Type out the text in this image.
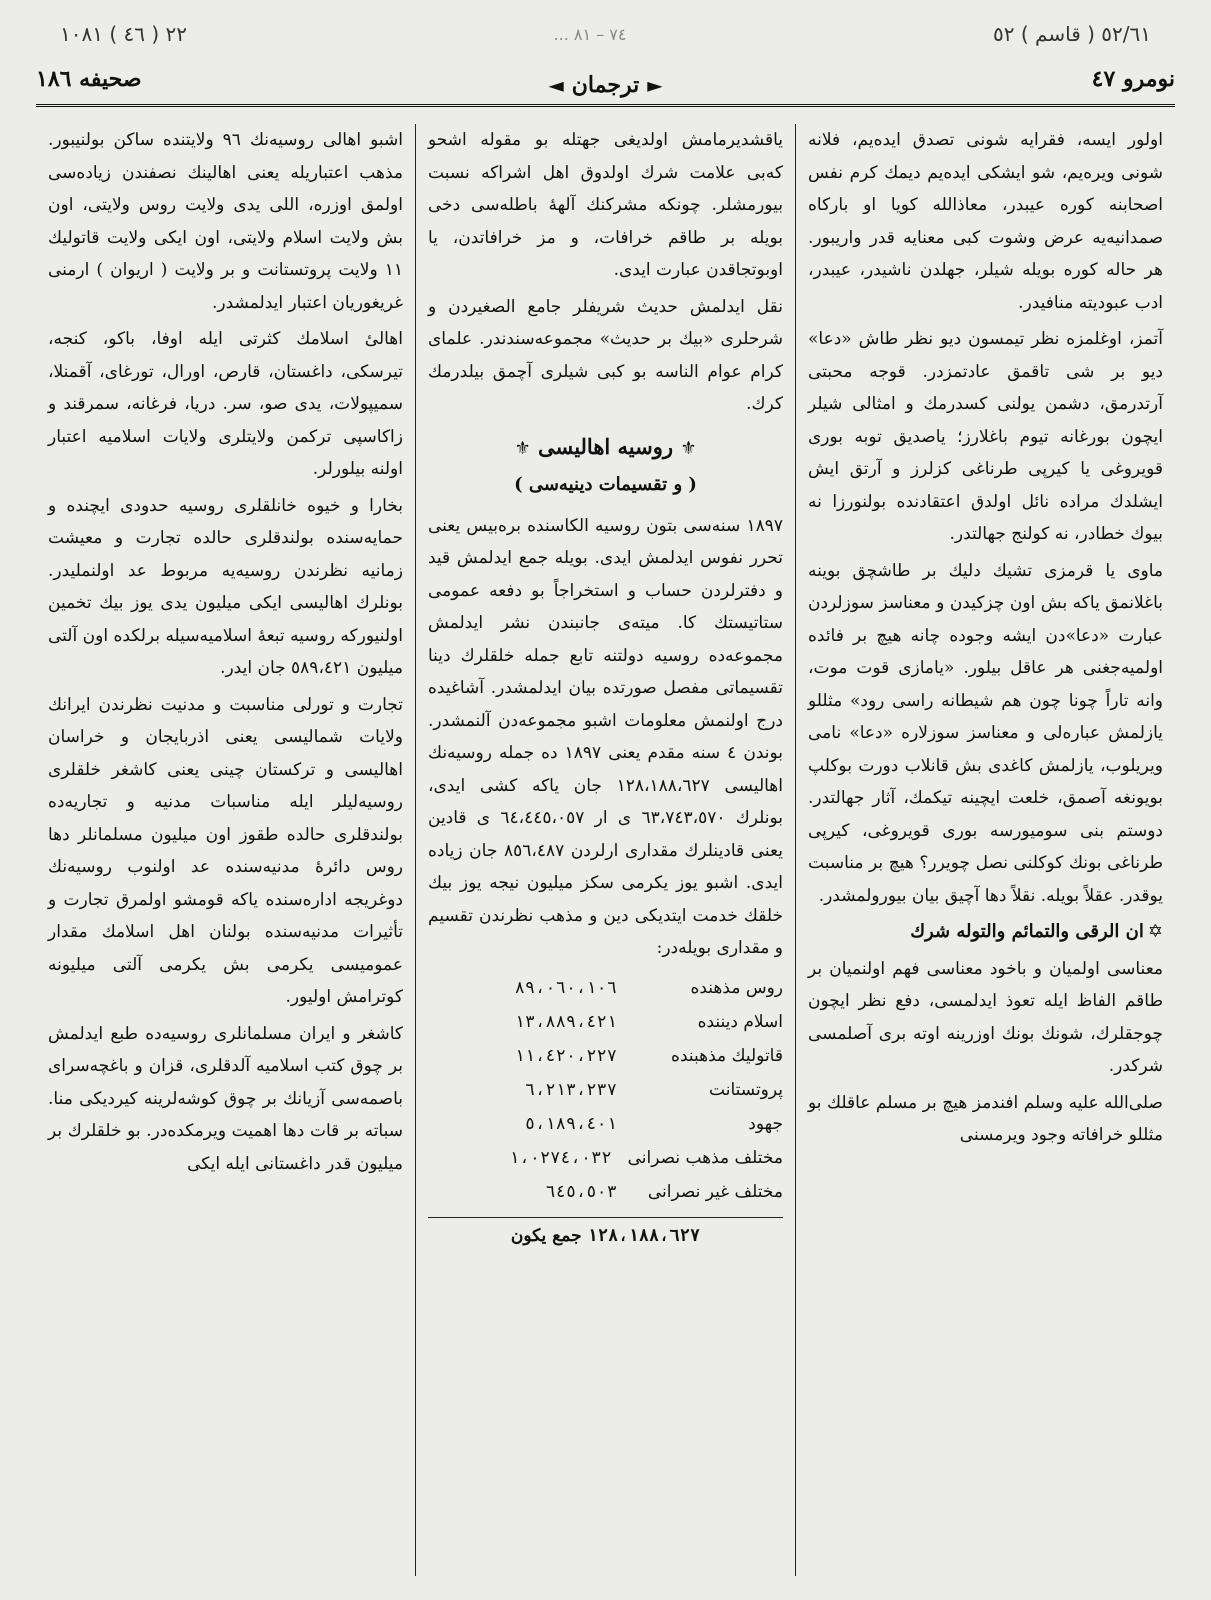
٥٢/٦١ ( قاسم ) ٥٢
٧٤ – ٨١ ...
٢٢ ( ٤٦ ) ١٠٨١
نومرو ٤٧
►
ترجمان
◄
صحیفه ١٨٦

اولور ایسه، فقرایه شونی تصدق ایده‌یم، فلانه شونی ویره‌یم، شو ایشکی ایده‌یم دیمك کرم نفس اصحابنه کوره عیبدر، معاذالله کویا او بارکاه صمدانیه‌یه عرض وشوت کبی معنایه قدر وار‌یبور. هر حاله کوره بویله شیلر، جهلدن ناشیدر، عیبدر، ادب عبودیته منافیدر.

آتمز، اوغلمزه نظر تیمسون دیو نظر طاش «دعا» دیو بر شی تاقمق عادتمزدر. قوجه محبتی آرتدرمق، دشمن یولنی کسدرمك و امثالی شیلر ایچون بورغانه تیوم باغلارز؛ یاصدیق توبه بوری قویروغی یا کیرپی طرناغی کزلرز و آرتق ایش ایشلدك مراده نائل اولدق اعتقادنده بولنورزا نه بیوك خطادر، نه کولنج جهالتدر.

ماوی یا قرمزی تشیك دلیك بر طاشچق بوینه باغلانمق یاکه بش اون چزکیدن و معناسز سوزلردن عبارت «دعا»دن ایشه وجوده چانه هیچ بر فائده اولمیه‌جغنی هر عاقل بیلور. «یامازی قوت موت، وانه تاراً چونا چون هم شیطانه راسی رود» مثللو یازلمش عباره‌لی و معناسز سوزلاره «دعا» نامی ویریلوب، یازلمش کاغدی بش قانلاب دورت بوکلپ بویونغه آصمق، خلعت ایچینه تیکمك، آثار جهالتدر. دوستم بنی سومیورسه بوری قویروغی، کیرپی طرناغی بونك کوکلنی نصل چویرر؟ هیچ بر مناسبت یوقدر. عقلاً بویله. نقلاً دها آچیق بیان بیورولمشدر.

✡ان الرقی والتمائم والتوله شرك

معناسی اولمیان و باخود معناسی فهم اولنمیان بر طاقم الفاظ ایله تعوذ ایدلمسی، دفع نظر ایچون چوجقلرك، شونك بونك اوزرینه اوته بری آصلمسی شرکدر.

صلی‌الله علیه وسلم افندمز هیچ بر مسلم عاقلك بو مثللو خرافاته وجود ویرمسنی

یاقشدیرمامش اولدیغی جهتله بو مقوله اشحو که‌بی علامت شرك اولدوق اهل اشراکه نسبت بیورمشلر. چونکه مشرکنك آلهۀ باطله‌سی دخی بویله بر طاقم خرافات، و مز خرافاتدن، یا اوبوتجاقدن عبارت ایدی.

نقل ایدلمش حدیث شریفلر جامع الصغیردن و شرحلری «بیك بر حدیث» مجموعه‌سندندر. علمای کرام عوام الناسه بو کبی شیلری آچمق بیلدرمك کرك.

⚜ روسیه اهالیسی ⚜
( و تقسیمات دینیه‌سی )

١٨٩٧ سنه‌سی بتون روسیه الکاسنده بره‌بیس یعنی تحرر نفوس ایدلمش ایدی. بویله جمع ایدلمش قید و دفترلردن حساب و استخراجاً بو دفعه عمومی ستاتیستك کا. میته‌ی جانبندن نشر ایدلمش مجموعه‌ده روسیه دولتنه تابع جمله خلقلرك دینا تقسیماتی مفصل صورتده بیان ایدلمشدر. آشاغیده درج اولنمش معلومات اشبو مجموعه‌دن آلنمشدر. بوندن ٤ سنه مقدم یعنی ١٨٩٧ ده جمله روسیه‌نك اهالیسی ١٢٨،١٨٨،٦٢٧ جان یاکه کشی ایدی، بونلرك ٦٣،٧٤٣،٥٧٠ ی ار ٦٤،٤٤٥،٠٥٧ ی قادین یعنی قادینلرك مقداری ارلردن ٨٥٦،٤٨٧ جان زیاده ایدی. اشبو یوز یکرمی سکز میلیون نیجه یوز بیك خلقك خدمت ایتدیکی دین و مذهب نظرندن تقسیم و مقداری بویله‌در:

روس مذهنده
٨٩،٠٦٠،١٠٦
اسلام دیننده
١٣،٨٨٩،٤٢١
قاتولیك مذهبنده
١١،٤٢٠،٢٢٧
پروتستانت
٦،٢١٣،٢٣٧
جهود
٥،١٨٩،٤٠١
مختلف مذهب نصرانی
١،٠٢٧٤،٠٣٢
مختلف غیر نصرانی
٦٤٥،٥٠٣
١٢٨،١٨٨،٦٢٧ جمع یکون

اشبو اهالی روسیه‌نك ٩٦ ولایتنده ساکن بولنیبور. مذهب اعتباریله یعنی اهالینك نصفندن زیاده‌سی اولمق اوزره، اللی یدی ولایت روس ولایتی، اون بش ولایت اسلام ولایتی، اون ایکی ولایت قاتولیك ١١ ولایت پروتستانت و بر ولایت ( اریوان ) ارمنی غریغوریان اعتبار ایدلمشدر.

اهالیٔ اسلامك کثرتی ایله اوفا، باکو، کنجه، تیرسکی، داغستان، قارص، اورال، تورغای، آقمنلا، سمیپولات، یدی صو، سر. دریا، فرغانه، سمرقند و زاکاسپی ترکمن ولایتلری ولایات اسلامیه اعتبار اولنه بیلورلر.

بخارا و خیوه خانلقلری روسیه حدودی ایچنده و حمایه‌سنده بولندقلری حالده تجارت و معیشت زمانیه نظرندن روسیه‌یه مربوط عد اولنملیدر. بونلرك اهالیسی ایکی میلیون یدی یوز بیك تخمین اولنیورکه روسیه تبعهٔ اسلامیه‌سیله برلکده اون آلتی میلیون ٥٨٩،٤٢١ جان ایدر.

تجارت و تورلی مناسبت و مدنیت نظرندن ایرانك ولایات شمالیسی یعنی اذربایجان و خراسان اهالیسی و ترکستان چینی یعنی کاشغر خلقلری روسیه‌لیلر ایله مناسبات مدنیه و تجاریه‌ده بولندقلری حالده طقوز اون میلیون مسلمانلر دها روس دائرهٔ مدنیه‌سنده عد اولنوب روسیه‌نك دوغریجه اداره‌سنده یاکه قومشو اولمرق تجارت و تأثیرات مدنیه‌سنده بولنان اهل اسلامك مقدار عمومیسی یکرمی بش یکرمی آلتی میلیونه کوترامش اولیور.

کاشغر و ایران مسلمانلری روسیه‌ده طبع ایدلمش بر چوق کتب اسلامیه آلدقلری، قزان و باغچه‌سرای باصمه‌سی آزیانك بر چوق کوشه‌لرینه کیردیکی منا. سباته بر قات دها اهمیت ویرمکده‌در. بو خلقلرك بر میلیون قدر داغستانی ایله ایکی
